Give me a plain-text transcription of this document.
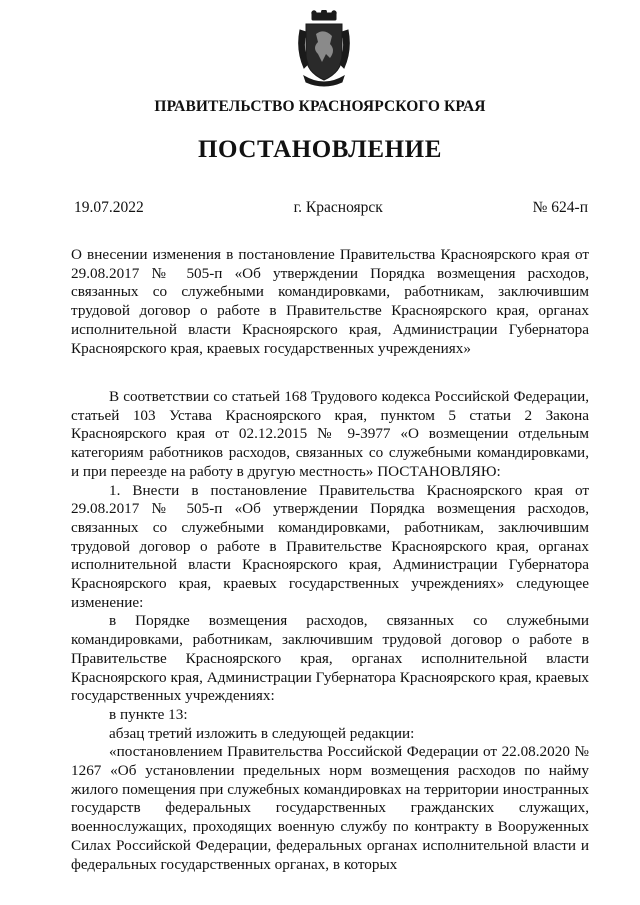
ПРАВИТЕЛЬСТВО КРАСНОЯРСКОГО КРАЯ
ПОСТАНОВЛЕНИЕ
19.07.2022	г. Красноярск	№ 624-п

О внесении изменения в постановление Правительства Красноярского края от 29.08.2017 № 505-п «Об утверждении Порядка возмещения расходов, связанных со служебными командировками, работникам, заключившим трудовой договор о работе в Правительстве Красноярского края, органах исполнительной власти Красноярского края, Администрации Губернатора Красноярского края, краевых государственных учреждениях»

В соответствии со статьей 168 Трудового кодекса Российской Федерации, статьей 103 Устава Красноярского края, пунктом 5 статьи 2 Закона Красноярского края от 02.12.2015 № 9-3977 «О возмещении отдельным категориям работников расходов, связанных со служебными командировками, и при переезде на работу в другую местность» ПОСТАНОВЛЯЮ:

1. Внести в постановление Правительства Красноярского края от 29.08.2017 № 505-п «Об утверждении Порядка возмещения расходов, связанных со служебными командировками, работникам, заключившим трудовой договор о работе в Правительстве Красноярского края, органах исполнительной власти Красноярского края, Администрации Губернатора Красноярского края, краевых государственных учреждениях» следующее изменение:

в Порядке возмещения расходов, связанных со служебными командировками, работникам, заключившим трудовой договор о работе в Правительстве Красноярского края, органах исполнительной власти Красноярского края, Администрации Губернатора Красноярского края, краевых государственных учреждениях:

в пункте 13:

абзац третий изложить в следующей редакции:

«постановлением Правительства Российской Федерации от 22.08.2020 № 1267 «Об установлении предельных норм возмещения расходов по найму жилого помещения при служебных командировках на территории иностранных государств федеральных государственных гражданских служащих, военнослужащих, проходящих военную службу по контракту в Вооруженных Силах Российской Федерации, федеральных органах исполнительной власти и федеральных государственных органах, в которых
